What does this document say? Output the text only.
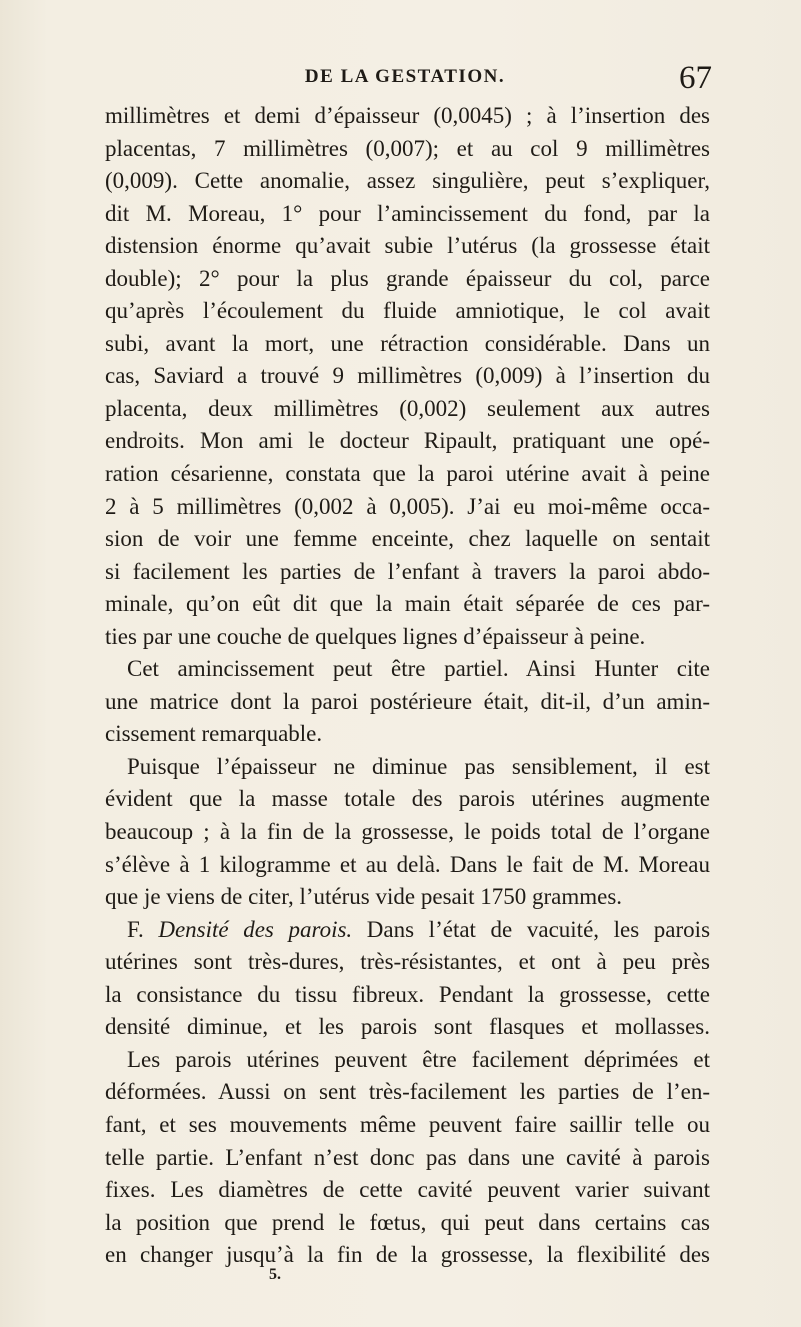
DE LA GESTATION.	67
millimètres et demi d’épaisseur (0,0045) ; à l’insertion des
placentas, 7 millimètres (0,007); et au col 9 millimètres
(0,009). Cette anomalie, assez singulière, peut s’expliquer,
dit M. Moreau, 1° pour l’amincissement du fond, par la
distension énorme qu’avait subie l’utérus (la grossesse était
double); 2° pour la plus grande épaisseur du col, parce
qu’après l’écoulement du fluide amniotique, le col avait
subi, avant la mort, une rétraction considérable. Dans un
cas, Saviard a trouvé 9 millimètres (0,009) à l’insertion du
placenta, deux millimètres (0,002) seulement aux autres
endroits. Mon ami le docteur Ripault, pratiquant une opé-
ration césarienne, constata que la paroi utérine avait à peine
2 à 5 millimètres (0,002 à 0,005). J’ai eu moi-même occa-
sion de voir une femme enceinte, chez laquelle on sentait
si facilement les parties de l’enfant à travers la paroi abdo-
minale, qu’on eût dit que la main était séparée de ces par-
ties par une couche de quelques lignes d’épaisseur à peine.
Cet amincissement peut être partiel. Ainsi Hunter cite
une matrice dont la paroi postérieure était, dit-il, d’un amin-
cissement remarquable.
Puisque l’épaisseur ne diminue pas sensiblement, il est
évident que la masse totale des parois utérines augmente
beaucoup ; à la fin de la grossesse, le poids total de l’organe
s’élève à 1 kilogramme et au delà. Dans le fait de M. Moreau
que je viens de citer, l’utérus vide pesait 1750 grammes.
F. Densité des parois. Dans l’état de vacuité, les parois
utérines sont très-dures, très-résistantes, et ont à peu près
la consistance du tissu fibreux. Pendant la grossesse, cette
densité diminue, et les parois sont flasques et mollasses.
Les parois utérines peuvent être facilement déprimées et
déformées. Aussi on sent très-facilement les parties de l’en-
fant, et ses mouvements même peuvent faire saillir telle ou
telle partie. L’enfant n’est donc pas dans une cavité à parois
fixes. Les diamètres de cette cavité peuvent varier suivant
la position que prend le fœtus, qui peut dans certains cas
en changer jusqu’à la fin de la grossesse, la flexibilité des
5.
